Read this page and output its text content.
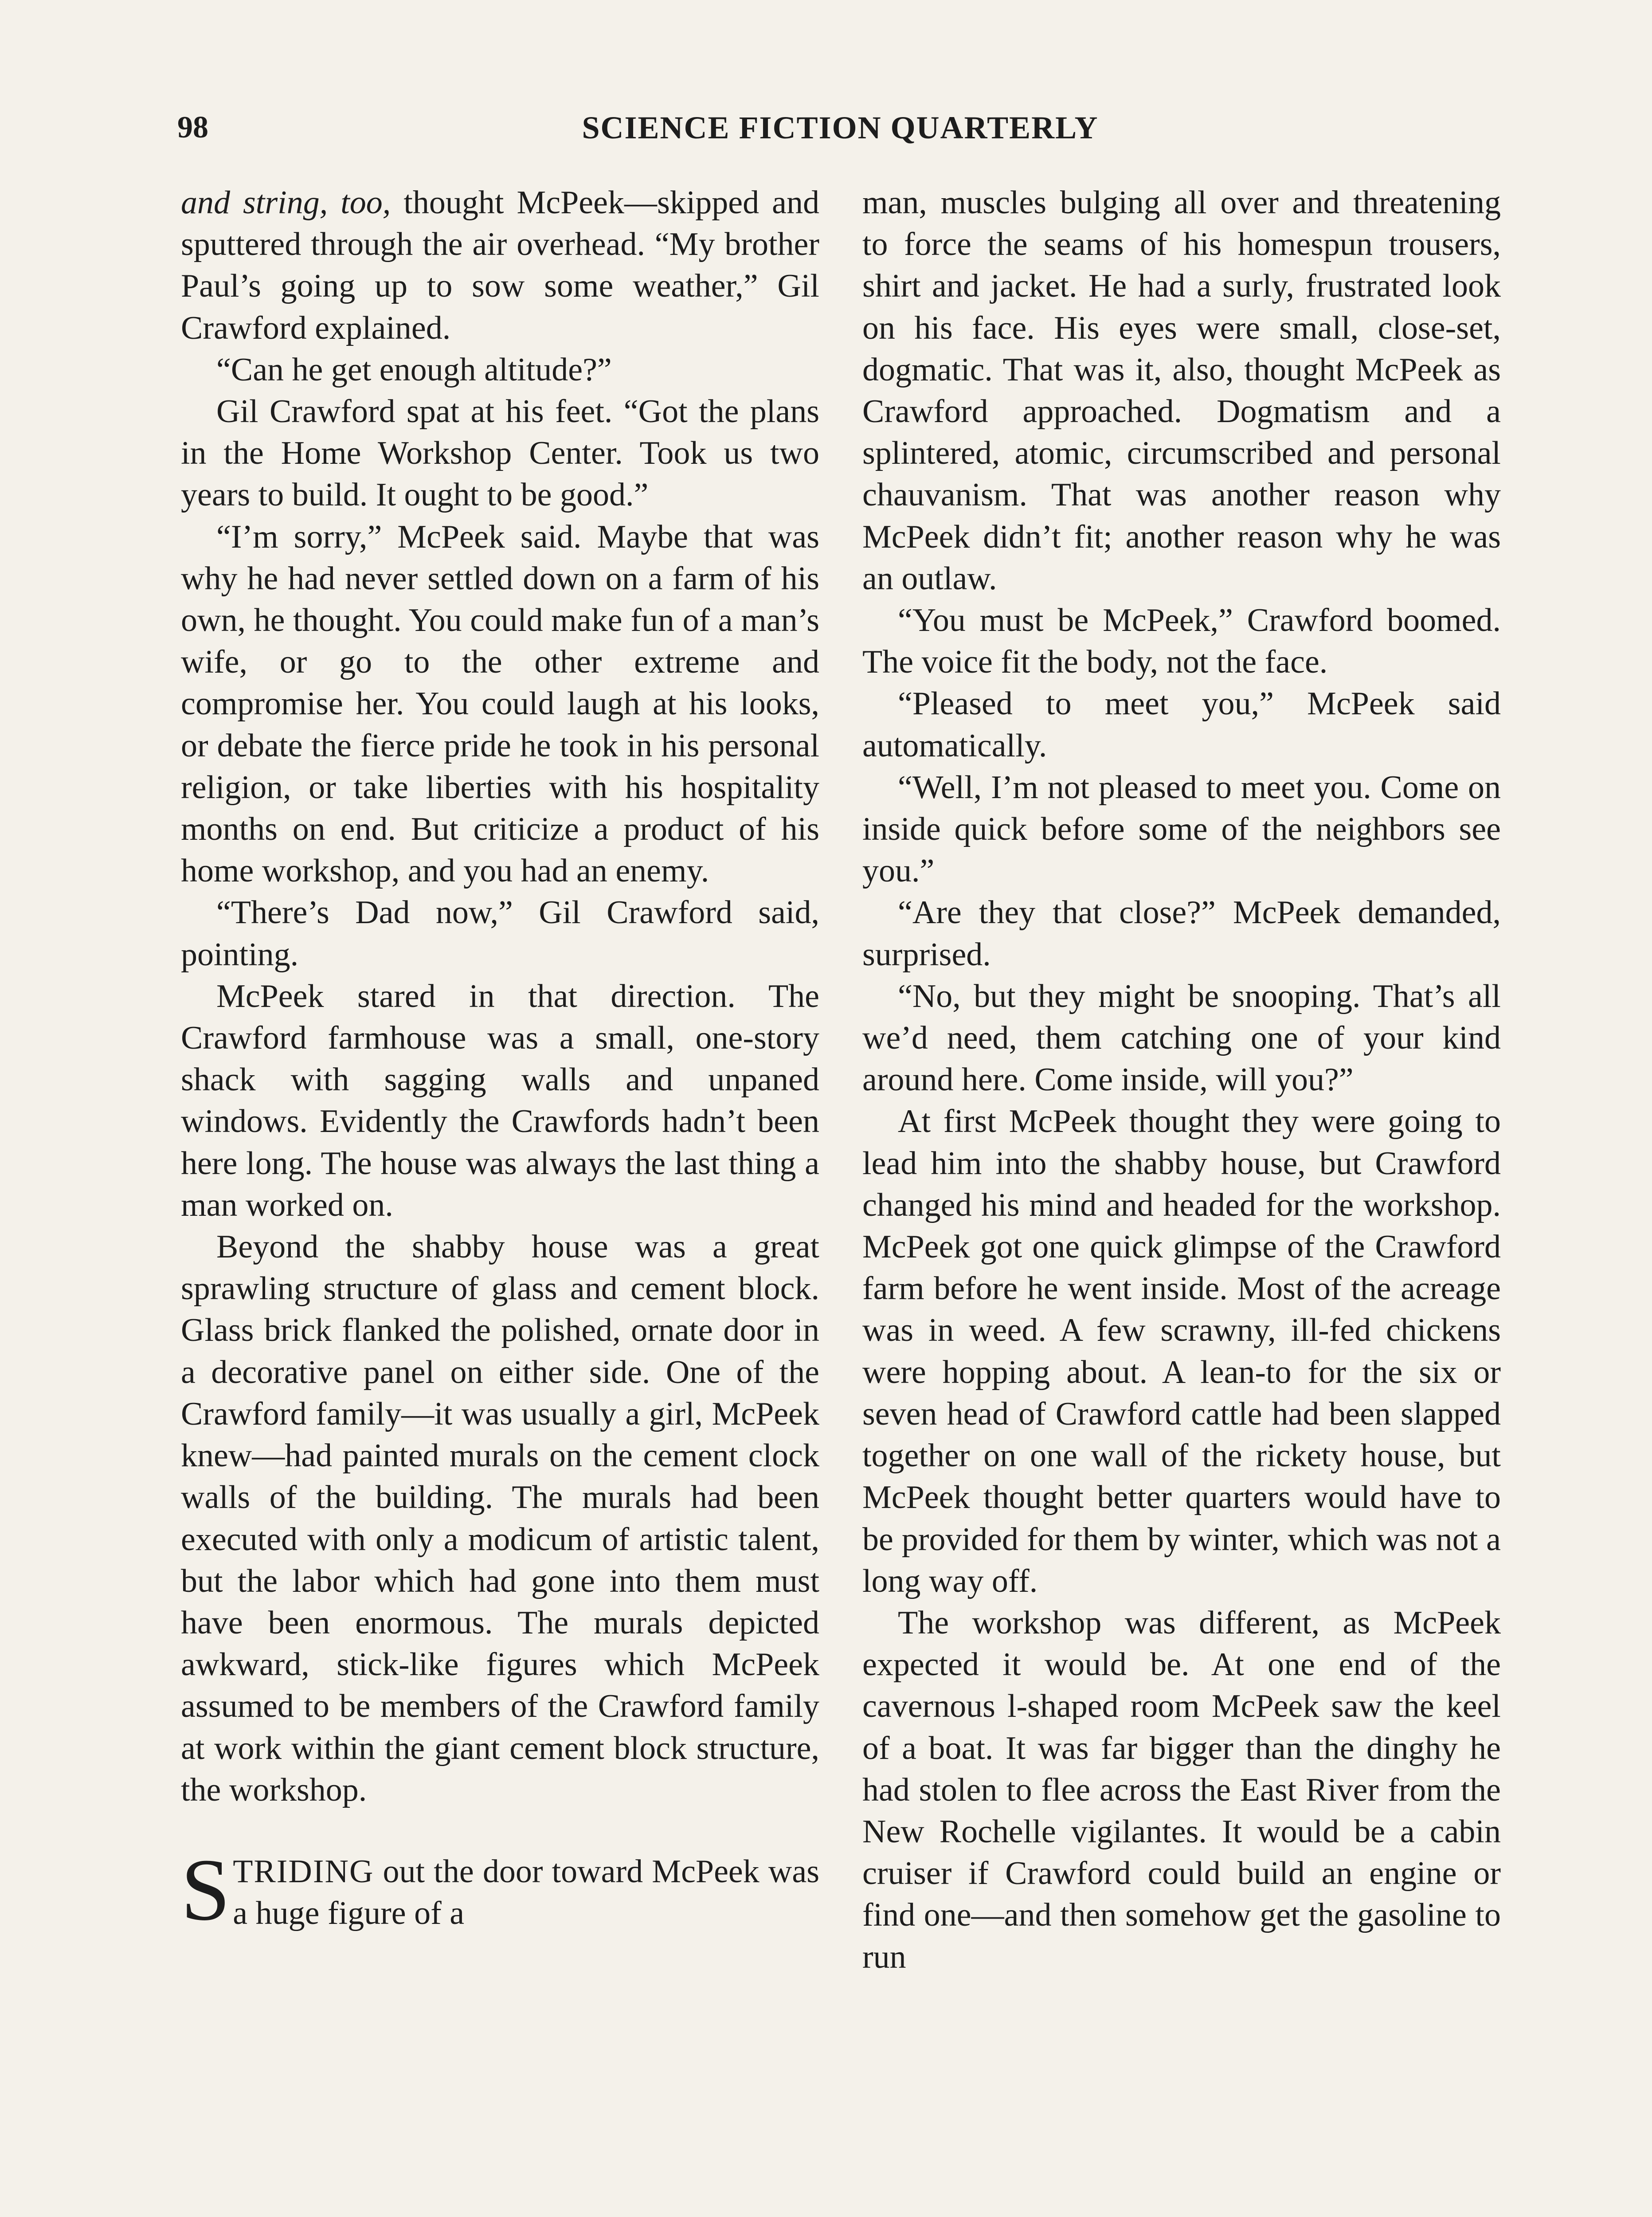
98	SCIENCE FICTION QUARTERLY

and string, too, thought McPeek—skipped and sputtered through the air overhead. “My brother Paul’s going up to sow some weather,” Gil Crawford explained.

“Can he get enough altitude?”

Gil Crawford spat at his feet. “Got the plans in the Home Workshop Center. Took us two years to build. It ought to be good.”

“I’m sorry,” McPeek said. Maybe that was why he had never settled down on a farm of his own, he thought. You could make fun of a man’s wife, or go to the other extreme and compromise her. You could laugh at his looks, or debate the fierce pride he took in his personal religion, or take liberties with his hospitality months on end. But criticize a product of his home workshop, and you had an enemy.

“There’s Dad now,” Gil Crawford said, pointing.

McPeek stared in that direction. The Crawford farmhouse was a small, one-story shack with sagging walls and unpaned windows. Evidently the Crawfords hadn’t been here long. The house was always the last thing a man worked on.

Beyond the shabby house was a great sprawling structure of glass and cement block. Glass brick flanked the polished, ornate door in a decorative panel on either side. One of the Crawford family—it was usually a girl, McPeek knew—had painted murals on the cement clock walls of the building. The murals had been executed with only a modicum of artistic talent, but the labor which had gone into them must have been enormous. The murals depicted awkward, stick-like figures which McPeek assumed to be members of the Crawford family at work within the giant cement block structure, the workshop.

STRIDING out the door toward McPeek was a huge figure of a

man, muscles bulging all over and threatening to force the seams of his homespun trousers, shirt and jacket. He had a surly, frustrated look on his face. His eyes were small, close-set, dogmatic. That was it, also, thought McPeek as Crawford approached. Dogmatism and a splintered, atomic, circumscribed and personal chauvanism. That was another reason why McPeek didn’t fit; another reason why he was an outlaw.

“You must be McPeek,” Crawford boomed. The voice fit the body, not the face.

“Pleased to meet you,” McPeek said automatically.

“Well, I’m not pleased to meet you. Come on inside quick before some of the neighbors see you.”

“Are they that close?” McPeek demanded, surprised.

“No, but they might be snooping. That’s all we’d need, them catching one of your kind around here. Come inside, will you?”

At first McPeek thought they were going to lead him into the shabby house, but Crawford changed his mind and headed for the workshop. McPeek got one quick glimpse of the Crawford farm before he went inside. Most of the acreage was in weed. A few scrawny, ill-fed chickens were hopping about. A lean-to for the six or seven head of Crawford cattle had been slapped together on one wall of the rickety house, but McPeek thought better quarters would have to be provided for them by winter, which was not a long way off.

The workshop was different, as McPeek expected it would be. At one end of the cavernous l-shaped room McPeek saw the keel of a boat. It was far bigger than the dinghy he had stolen to flee across the East River from the New Rochelle vigilantes. It would be a cabin cruiser if Crawford could build an engine or find one—and then somehow get the gasoline to run
